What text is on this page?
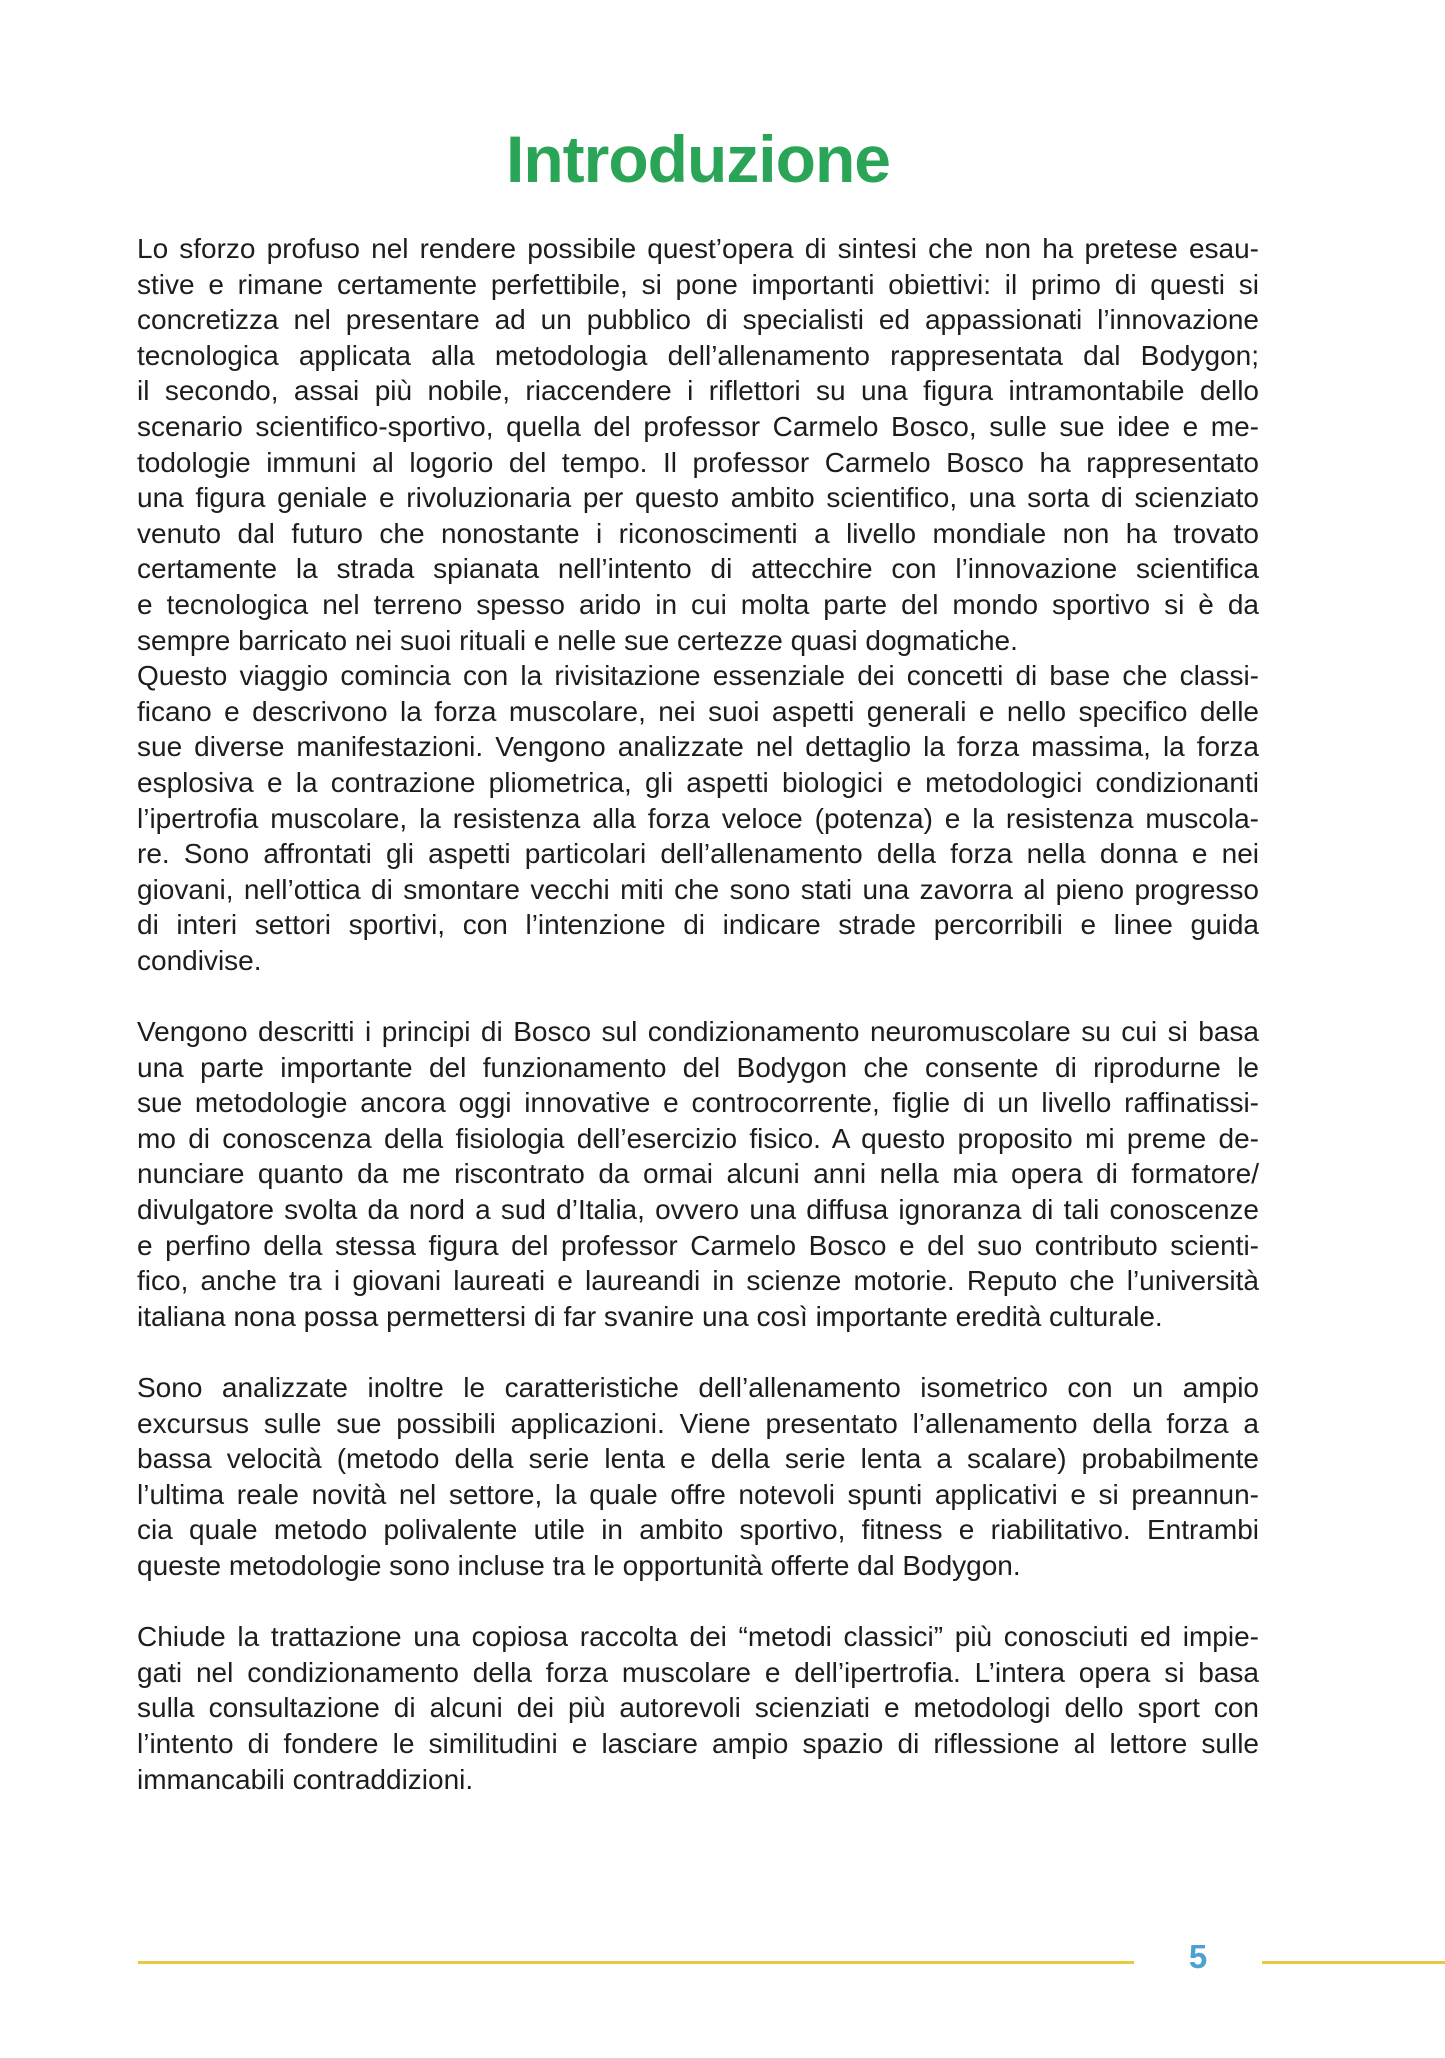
Introduzione
Lo sforzo profuso nel rendere possibile quest’opera di sintesi che non ha pretese esau-
stive e rimane certamente perfettibile, si pone importanti obiettivi: il primo di questi si
concretizza nel presentare ad un pubblico di specialisti ed appassionati l’innovazione
tecnologica applicata alla metodologia dell’allenamento rappresentata dal Bodygon;
il secondo, assai più nobile, riaccendere i riflettori su una figura intramontabile dello
scenario scientifico-sportivo, quella del professor Carmelo Bosco, sulle sue idee e me-
todologie immuni al logorio del tempo. Il professor Carmelo Bosco ha rappresentato
una figura geniale e rivoluzionaria per questo ambito scientifico, una sorta di scienziato
venuto dal futuro che nonostante i riconoscimenti a livello mondiale non ha trovato
certamente la strada spianata nell’intento di attecchire con l’innovazione scientifica
e tecnologica nel terreno spesso arido in cui molta parte del mondo sportivo si è da
sempre barricato nei suoi rituali e nelle sue certezze quasi dogmatiche.
Questo viaggio comincia con la rivisitazione essenziale dei concetti di base che classi-
ficano e descrivono la forza muscolare, nei suoi aspetti generali e nello specifico delle
sue diverse manifestazioni. Vengono analizzate nel dettaglio la forza massima, la forza
esplosiva e la contrazione pliometrica, gli aspetti biologici e metodologici condizionanti
l’ipertrofia muscolare, la resistenza alla forza veloce (potenza) e la resistenza muscola-
re. Sono affrontati gli aspetti particolari dell’allenamento della forza nella donna e nei
giovani, nell’ottica di smontare vecchi miti che sono stati una zavorra al pieno progresso
di interi settori sportivi, con l’intenzione di indicare strade percorribili e linee guida
condivise.
Vengono descritti i principi di Bosco sul condizionamento neuromuscolare su cui si basa
una parte importante del funzionamento del Bodygon che consente di riprodurne le
sue metodologie ancora oggi innovative e controcorrente, figlie di un livello raffinatissi-
mo di conoscenza della fisiologia dell’esercizio fisico. A questo proposito mi preme de-
nunciare quanto da me riscontrato da ormai alcuni anni nella mia opera di formatore/
divulgatore svolta da nord a sud d’Italia, ovvero una diffusa ignoranza di tali conoscenze
e perfino della stessa figura del professor Carmelo Bosco e del suo contributo scienti-
fico, anche tra i giovani laureati e laureandi in scienze motorie. Reputo che l’università
italiana nona possa permettersi di far svanire una così importante eredità culturale.
Sono analizzate inoltre le caratteristiche dell’allenamento isometrico con un ampio
excursus sulle sue possibili applicazioni. Viene presentato l’allenamento della forza a
bassa velocità (metodo della serie lenta e della serie lenta a scalare) probabilmente
l’ultima reale novità nel settore, la quale offre notevoli spunti applicativi e si preannun-
cia quale metodo polivalente utile in ambito sportivo, fitness e riabilitativo. Entrambi
queste metodologie sono incluse tra le opportunità offerte dal Bodygon.
Chiude la trattazione una copiosa raccolta dei “metodi classici” più conosciuti ed impie-
gati nel condizionamento della forza muscolare e dell’ipertrofia. L’intera opera si basa
sulla consultazione di alcuni dei più autorevoli scienziati e metodologi dello sport con
l’intento di fondere le similitudini e lasciare ampio spazio di riflessione al lettore sulle
immancabili contraddizioni.
5
